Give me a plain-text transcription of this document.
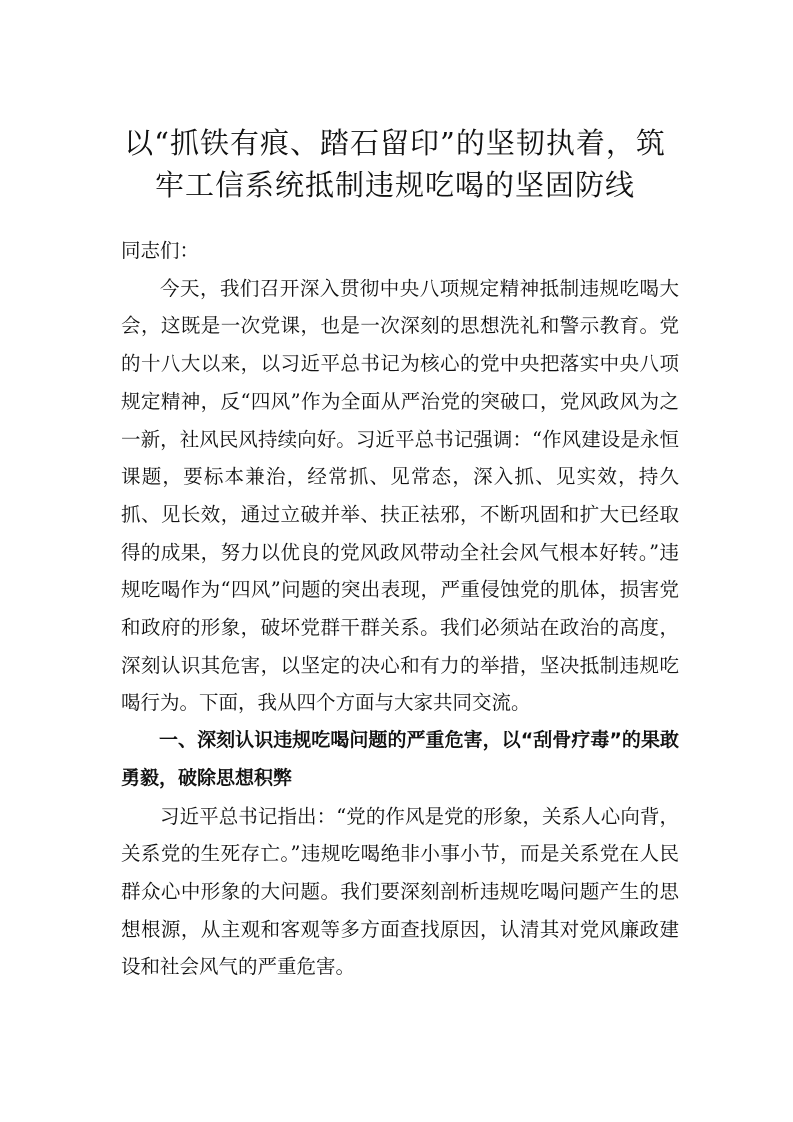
以“抓铁有痕、踏石留印”的坚韧执着，筑
牢工信系统抵制违规吃喝的坚固防线

同志们：

今天，我们召开深入贯彻中央八项规定精神抵制违规吃喝大会，这既是一次党课，也是一次深刻的思想洗礼和警示教育。党的十八大以来，以习近平总书记为核心的党中央把落实中央八项规定精神，反“四风”作为全面从严治党的突破口，党风政风为之一新，社风民风持续向好。习近平总书记强调：“作风建设是永恒课题，要标本兼治，经常抓、见常态，深入抓、见实效，持久抓、见长效，通过立破并举、扶正祛邪，不断巩固和扩大已经取得的成果，努力以优良的党风政风带动全社会风气根本好转。”违规吃喝作为“四风”问题的突出表现，严重侵蚀党的肌体，损害党和政府的形象，破坏党群干群关系。我们必须站在政治的高度，深刻认识其危害，以坚定的决心和有力的举措，坚决抵制违规吃喝行为。下面，我从四个方面与大家共同交流。

一、深刻认识违规吃喝问题的严重危害，以“刮骨疗毒”的果敢勇毅，破除思想积弊

习近平总书记指出：“党的作风是党的形象，关系人心向背，关系党的生死存亡。”违规吃喝绝非小事小节，而是关系党在人民群众心中形象的大问题。我们要深刻剖析违规吃喝问题产生的思想根源，从主观和客观等多方面查找原因，认清其对党风廉政建设和社会风气的严重危害。
